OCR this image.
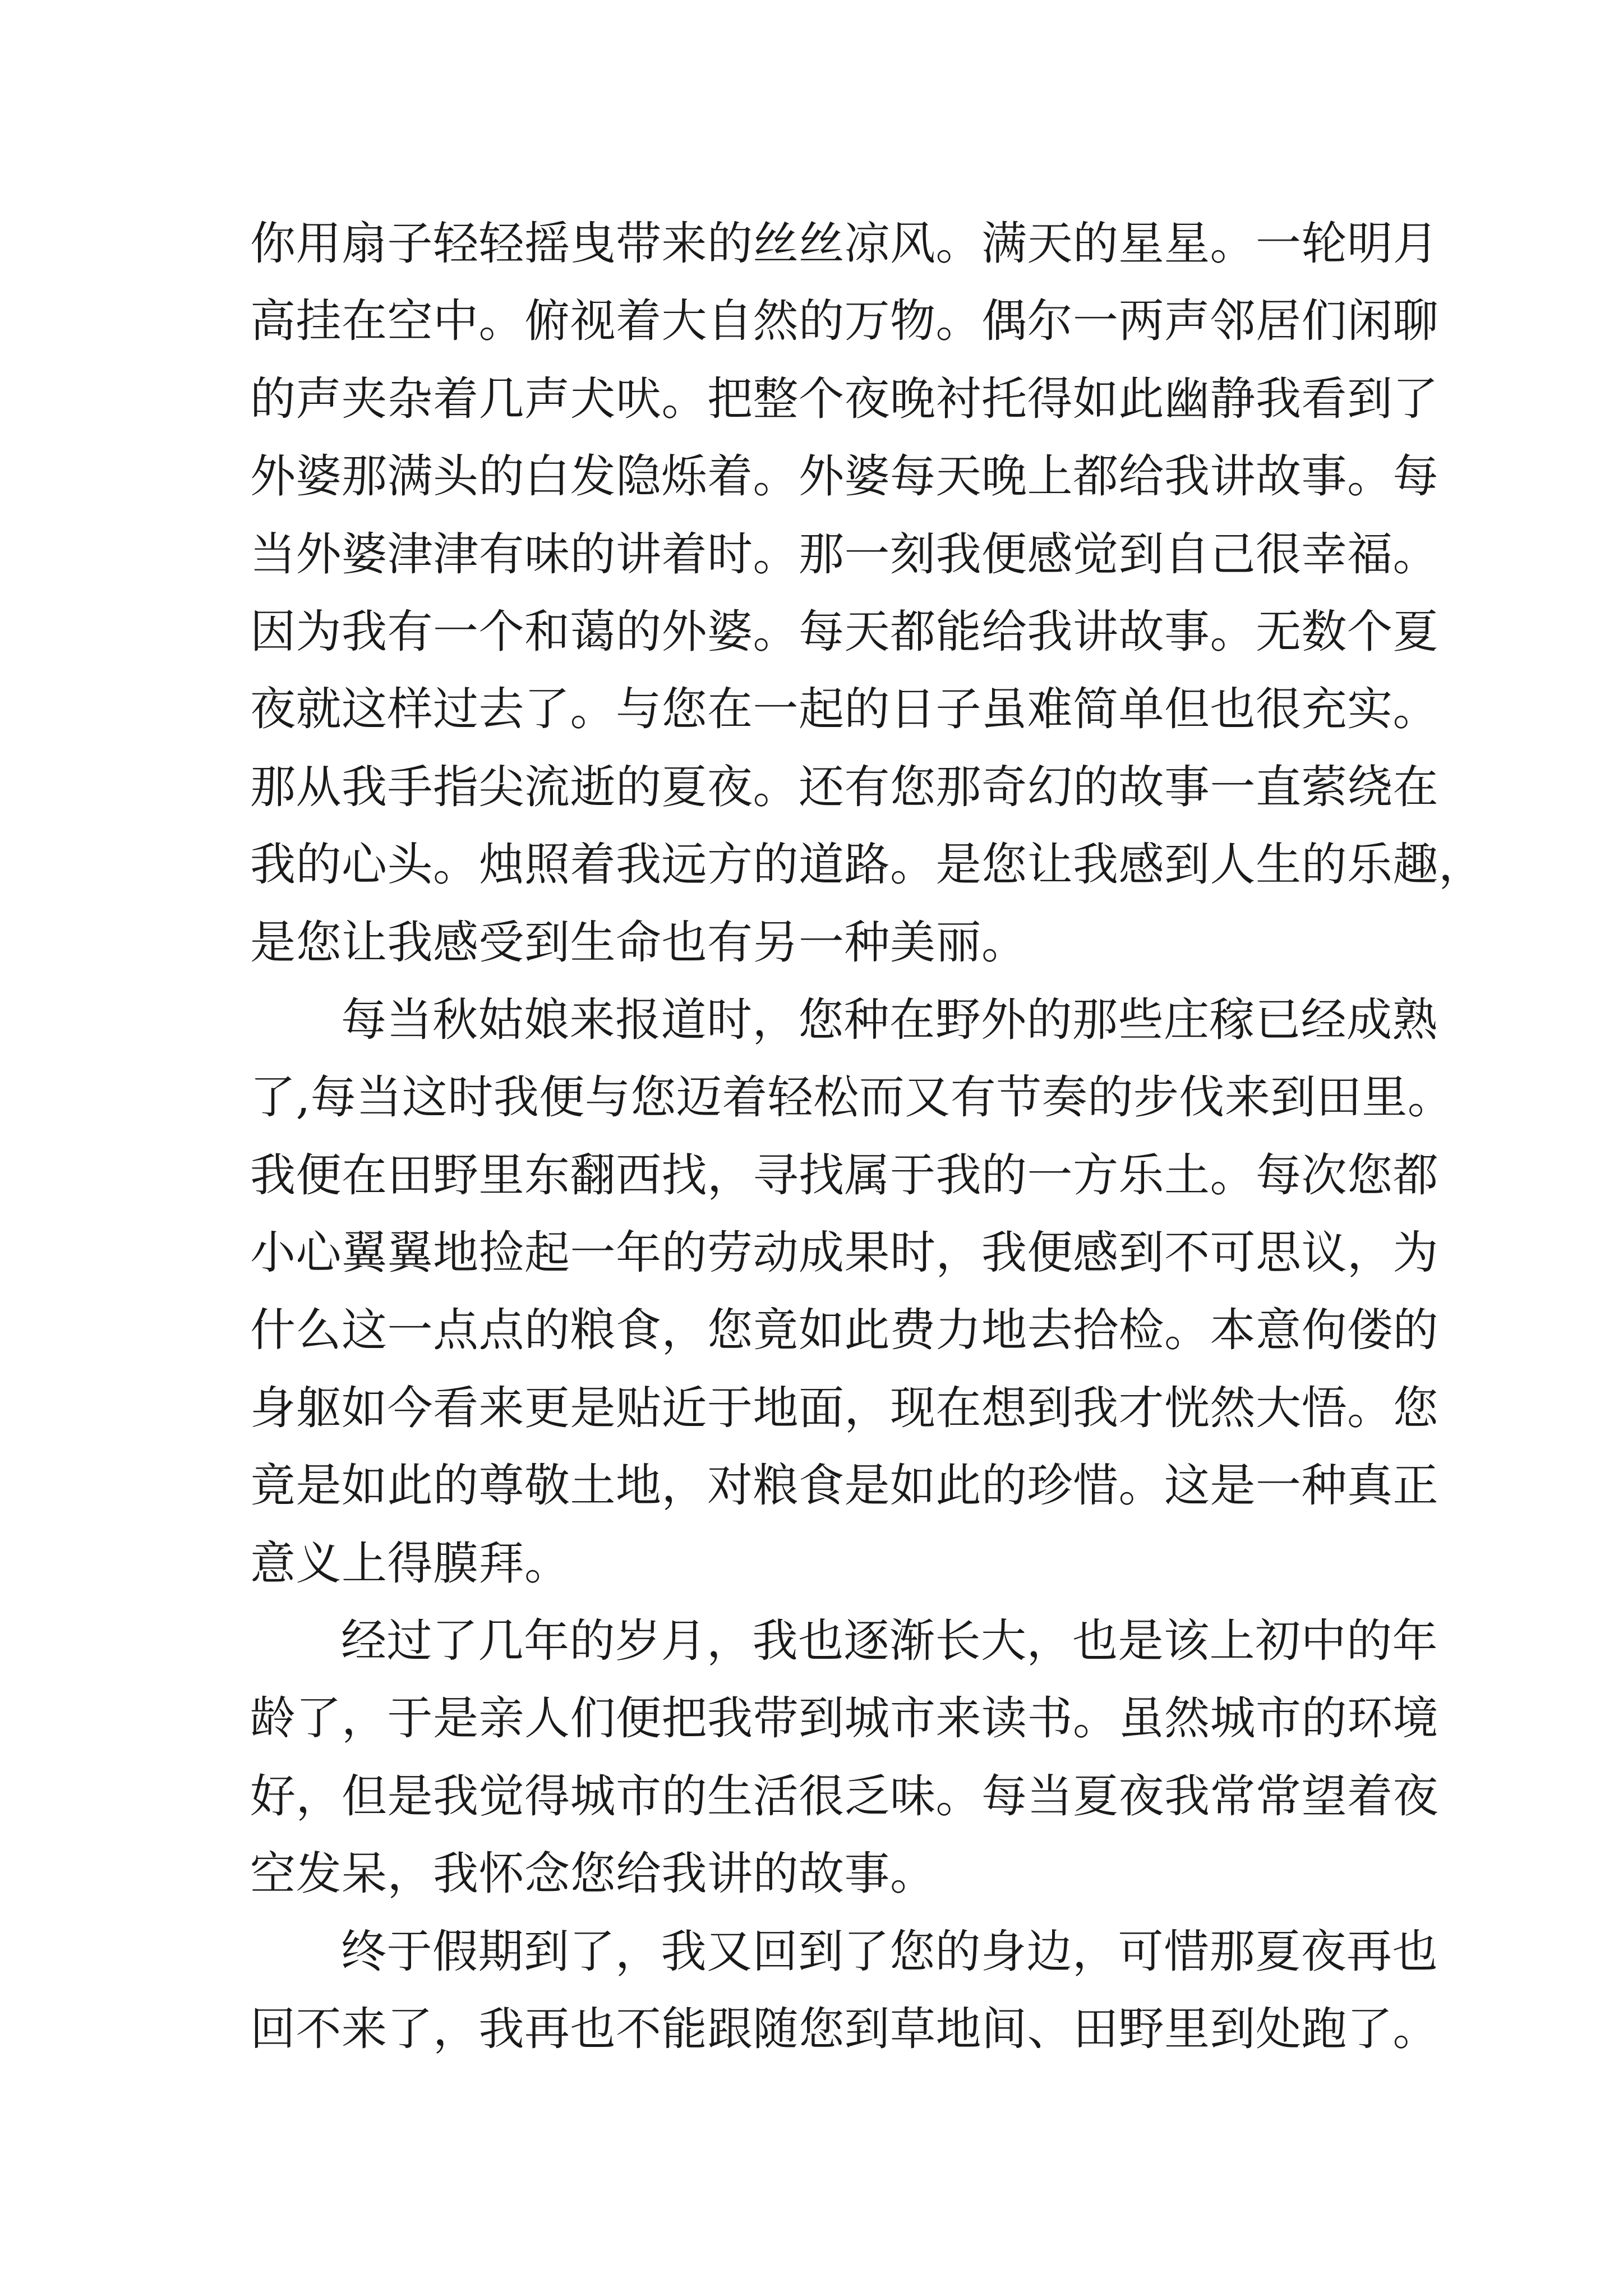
你用扇子轻轻摇曳带来的丝丝凉风。满天的星星。一轮明月
高挂在空中。俯视着大自然的万物。偶尔一两声邻居们闲聊
的声夹杂着几声犬吠。把整个夜晚衬托得如此幽静我看到了
外婆那满头的白发隐烁着。外婆每天晚上都给我讲故事。每
当外婆津津有味的讲着时。那一刻我便感觉到自己很幸福。
因为我有一个和蔼的外婆。每天都能给我讲故事。无数个夏
夜就这样过去了。与您在一起的日子虽难简单但也很充实。
那从我手指尖流逝的夏夜。还有您那奇幻的故事一直萦绕在
我的心头。烛照着我远方的道路。是您让我感到人生的乐趣，
是您让我感受到生命也有另一种美丽。
每当秋姑娘来报道时，您种在野外的那些庄稼已经成熟
了,每当这时我便与您迈着轻松而又有节奏的步伐来到田里。
我便在田野里东翻西找，寻找属于我的一方乐土。每次您都
小心翼翼地捡起一年的劳动成果时，我便感到不可思议，为
什么这一点点的粮食，您竟如此费力地去拾检。本意佝偻的
身躯如今看来更是贴近于地面，现在想到我才恍然大悟。您
竟是如此的尊敬土地，对粮食是如此的珍惜。这是一种真正
意义上得膜拜。
经过了几年的岁月，我也逐渐长大，也是该上初中的年
龄了，于是亲人们便把我带到城市来读书。虽然城市的环境
好，但是我觉得城市的生活很乏味。每当夏夜我常常望着夜
空发呆，我怀念您给我讲的故事。
终于假期到了，我又回到了您的身边，可惜那夏夜再也
回不来了，我再也不能跟随您到草地间、田野里到处跑了。
